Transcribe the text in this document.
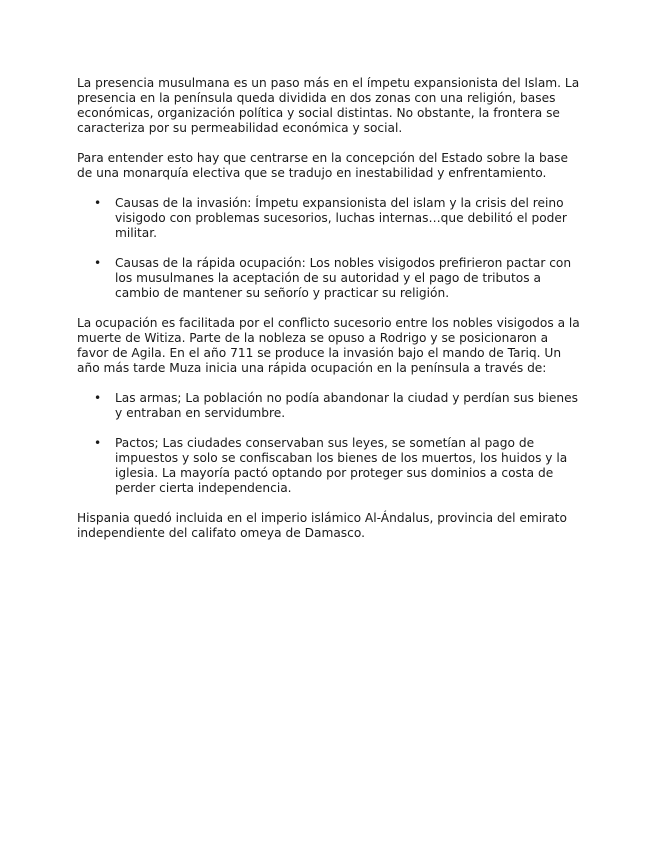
La presencia musulmana es un paso más en el ímpetu expansionista del Islam. La presencia en la península queda dividida en dos zonas con una religión, bases económicas, organización política y social distintas. No obstante, la frontera se caracteriza por su permeabilidad económica y social.

Para entender esto hay que centrarse en la concepción del Estado sobre la base de una monarquía electiva que se tradujo en inestabilidad y enfrentamiento.

• Causas de la invasión: Ímpetu expansionista del islam y la crisis del reino visigodo con problemas sucesorios, luchas internas…que debilitó el poder militar.
• Causas de la rápida ocupación: Los nobles visigodos prefirieron pactar con los musulmanes la aceptación de su autoridad y el pago de tributos a cambio de mantener su señorío y practicar su religión.

La ocupación es facilitada por el conflicto sucesorio entre los nobles visigodos a la muerte de Witiza. Parte de la nobleza se opuso a Rodrigo y se posicionaron a favor de Agila. En el año 711 se produce la invasión bajo el mando de Tariq. Un año más tarde Muza inicia una rápida ocupación en la península a través de:

• Las armas; La población no podía abandonar la ciudad y perdían sus bienes y entraban en servidumbre.
• Pactos; Las ciudades conservaban sus leyes, se sometían al pago de impuestos y solo se confiscaban los bienes de los muertos, los huidos y la iglesia. La mayoría pactó optando por proteger sus dominios a costa de perder cierta independencia.

Hispania quedó incluida en el imperio islámico Al-Ándalus, provincia del emirato independiente del califato omeya de Damasco.
